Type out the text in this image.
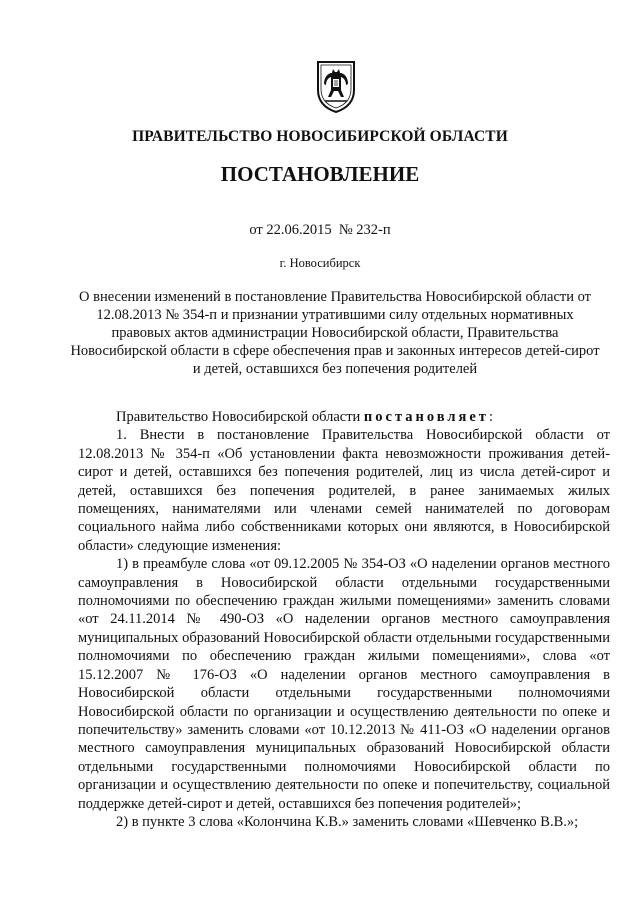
ПРАВИТЕЛЬСТВО НОВОСИБИРСКОЙ ОБЛАСТИ
ПОСТАНОВЛЕНИЕ
от 22.06.2015  № 232-п
г. Новосибирск
О внесении изменений в постановление Правительства Новосибирской области от 12.08.2013 № 354-п и признании утратившими силу отдельных нормативных правовых актов администрации Новосибирской области, Правительства Новосибирской области в сфере обеспечения прав и законных интересов детей-сирот и детей, оставшихся без попечения родителей

Правительство Новосибирской области постановляет:

1. Внести в постановление Правительства Новосибирской области от 12.08.2013 № 354-п «Об установлении факта невозможности проживания детей-сирот и детей, оставшихся без попечения родителей, лиц из числа детей-сирот и детей, оставшихся без попечения родителей, в ранее занимаемых жилых помещениях, нанимателями или членами семей нанимателей по договорам социального найма либо собственниками которых они являются, в Новосибирской области» следующие изменения:

1) в преамбуле слова «от 09.12.2005 № 354-ОЗ «О наделении органов местного самоуправления в Новосибирской области отдельными государственными полномочиями по обеспечению граждан жилыми помещениями» заменить словами «от 24.11.2014 № 490-ОЗ «О наделении органов местного самоуправления муниципальных образований Новосибирской области отдельными государственными полномочиями по обеспечению граждан жилыми помещениями», слова «от 15.12.2007 № 176-ОЗ «О наделении органов местного самоуправления в Новосибирской области отдельными государственными полномочиями Новосибирской области по организации и осуществлению деятельности по опеке и попечительству» заменить словами «от 10.12.2013 № 411-ОЗ «О наделении органов местного самоуправления муниципальных образований Новосибирской области отдельными государственными полномочиями Новосибирской области по организации и осуществлению деятельности по опеке и попечительству, социальной поддержке детей-сирот и детей, оставшихся без попечения родителей»;

2) в пункте 3 слова «Колончина К.В.» заменить словами «Шевченко В.В.»;
